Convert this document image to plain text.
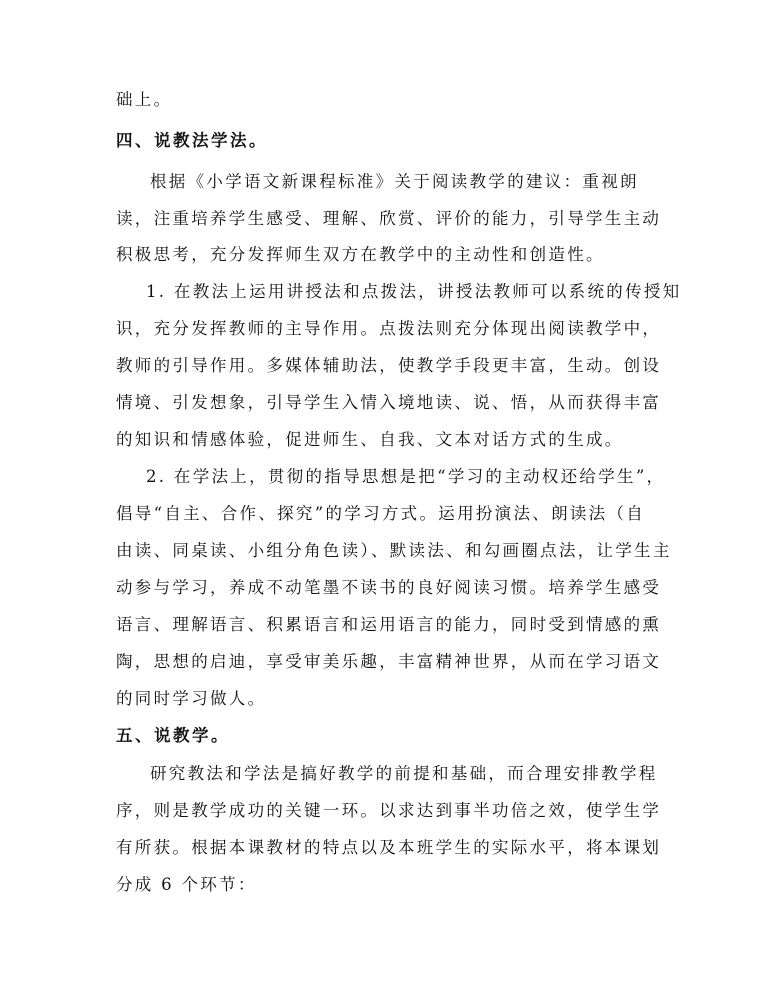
础上。
四、说教法学法。
根据《小学语文新课程标准》关于阅读教学的建议：重视朗
读，注重培养学生感受、理解、欣赏、评价的能力，引导学生主动
积极思考，充分发挥师生双方在教学中的主动性和创造性。
1. 在教法上运用讲授法和点拨法，讲授法教师可以系统的传授知
识，充分发挥教师的主导作用。点拨法则充分体现出阅读教学中，
教师的引导作用。多媒体辅助法，使教学手段更丰富，生动。创设
情境、引发想象，引导学生入情入境地读、说、悟，从而获得丰富
的知识和情感体验，促进师生、自我、文本对话方式的生成。
2. 在学法上，贯彻的指导思想是把“学习的主动权还给学生”，
倡导“自主、合作、探究”的学习方式。运用扮演法、朗读法（自
由读、同桌读、小组分角色读）、默读法、和勾画圈点法，让学生主
动参与学习，养成不动笔墨不读书的良好阅读习惯。培养学生感受
语言、理解语言、积累语言和运用语言的能力，同时受到情感的熏
陶，思想的启迪，享受审美乐趣，丰富精神世界，从而在学习语文
的同时学习做人。
五、说教学。
研究教法和学法是搞好教学的前提和基础，而合理安排教学程
序，则是教学成功的关键一环。以求达到事半功倍之效，使学生学
有所获。根据本课教材的特点以及本班学生的实际水平，将本课划
分成 6 个环节：
